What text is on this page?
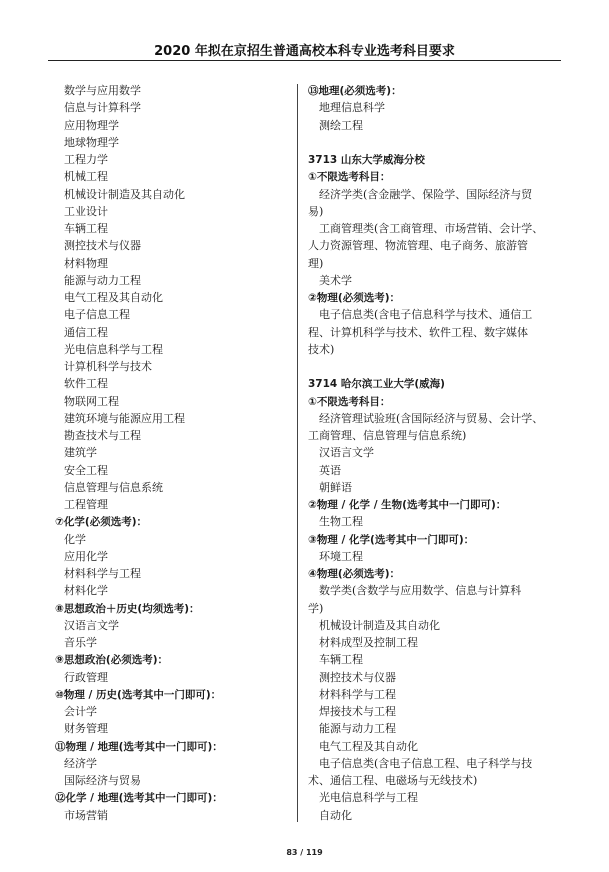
2020 年拟在京招生普通高校本科专业选考科目要求
数学与应用数学
信息与计算科学
应用物理学
地球物理学
工程力学
机械工程
机械设计制造及其自动化
工业设计
车辆工程
测控技术与仪器
材料物理
能源与动力工程
电气工程及其自动化
电子信息工程
通信工程
光电信息科学与工程
计算机科学与技术
软件工程
物联网工程
建筑环境与能源应用工程
勘查技术与工程
建筑学
安全工程
信息管理与信息系统
工程管理
⑦化学(必须选考)：
化学
应用化学
材料科学与工程
材料化学
⑧思想政治＋历史(均须选考)：
汉语言文学
音乐学
⑨思想政治(必须选考)：
行政管理
⑩物理 / 历史(选考其中一门即可)：
会计学
财务管理
⑪物理 / 地理(选考其中一门即可)：
经济学
国际经济与贸易
⑫化学 / 地理(选考其中一门即可)：
市场营销
⑬地理(必须选考)：
地理信息科学
测绘工程
3713 山东大学威海分校
①不限选考科目：
经济学类(含金融学、保险学、国际经济与贸
易)
工商管理类(含工商管理、市场营销、会计学、
人力资源管理、物流管理、电子商务、旅游管
理)
美术学
②物理(必须选考)：
电子信息类(含电子信息科学与技术、通信工
程、计算机科学与技术、软件工程、数字媒体
技术)
3714 哈尔滨工业大学(威海)
①不限选考科目：
经济管理试验班(含国际经济与贸易、会计学、
工商管理、信息管理与信息系统)
汉语言文学
英语
朝鲜语
②物理 / 化学 / 生物(选考其中一门即可)：
生物工程
③物理 / 化学(选考其中一门即可)：
环境工程
④物理(必须选考)：
数学类(含数学与应用数学、信息与计算科
学)
机械设计制造及其自动化
材料成型及控制工程
车辆工程
测控技术与仪器
材料科学与工程
焊接技术与工程
能源与动力工程
电气工程及其自动化
电子信息类(含电子信息工程、电子科学与技
术、通信工程、电磁场与无线技术)
光电信息科学与工程
自动化
83 / 119
